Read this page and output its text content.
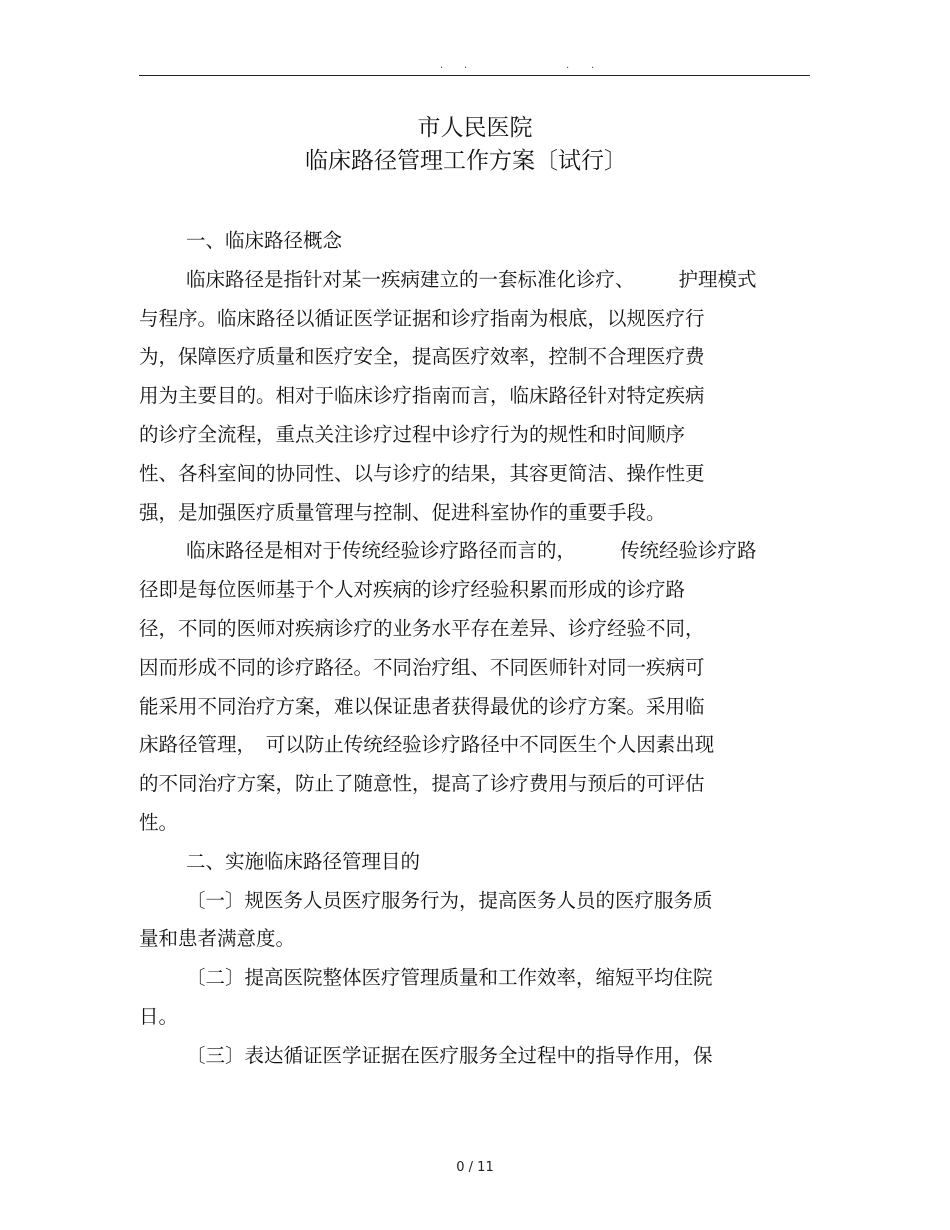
. .	. .
市人民医院
临床路径管理工作方案〔试行〕
一、临床路径概念
临床路径是指针对某一疾病建立的一套标准化诊疗、 护理模式
与程序。临床路径以循证医学证据和诊疗指南为根底，以规医疗行
为，保障医疗质量和医疗安全，提高医疗效率，控制不合理医疗费
用为主要目的。相对于临床诊疗指南而言，临床路径针对特定疾病
的诊疗全流程，重点关注诊疗过程中诊疗行为的规性和时间顺序
性、各科室间的协同性、以与诊疗的结果，其容更简洁、操作性更
强，是加强医疗质量管理与控制、促进科室协作的重要手段。
临床路径是相对于传统经验诊疗路径而言的， 传统经验诊疗路
径即是每位医师基于个人对疾病的诊疗经验积累而形成的诊疗路
径，不同的医师对疾病诊疗的业务水平存在差异、诊疗经验不同，
因而形成不同的诊疗路径。不同治疗组、不同医师针对同一疾病可
能采用不同治疗方案，难以保证患者获得最优的诊疗方案。采用临
床路径管理，　可以防止传统经验诊疗路径中不同医生个人因素出现
的不同治疗方案，防止了随意性，提高了诊疗费用与预后的可评估
性。
二、实施临床路径管理目的
〔一〕规医务人员医疗服务行为，提高医务人员的医疗服务质
量和患者满意度。
〔二〕提高医院整体医疗管理质量和工作效率，缩短平均住院
日。
〔三〕表达循证医学证据在医疗服务全过程中的指导作用，保
0 / 11
